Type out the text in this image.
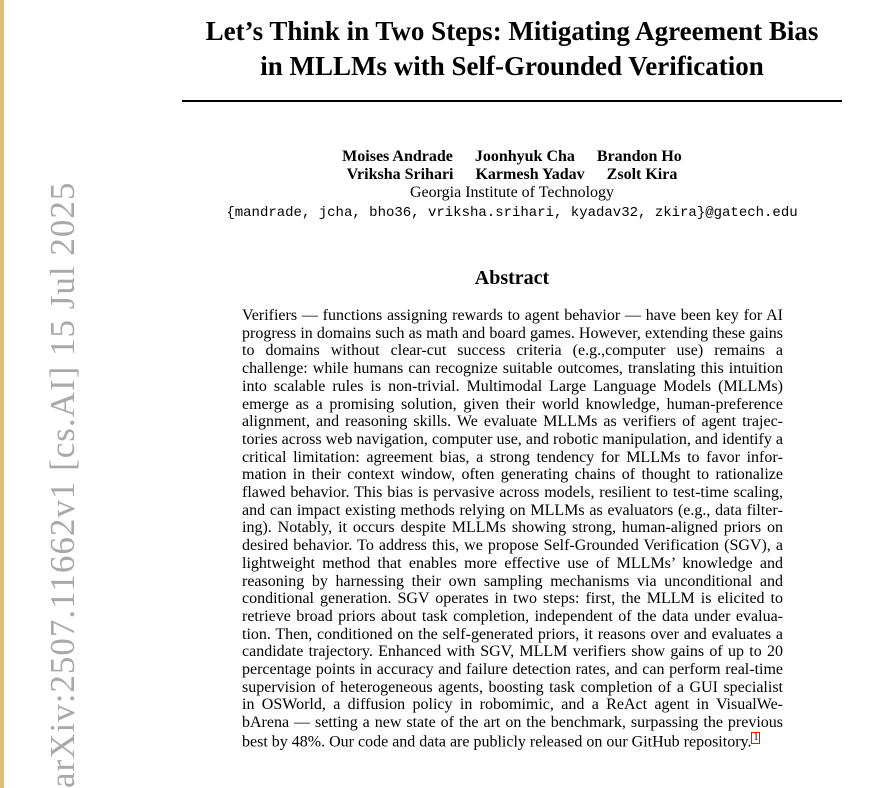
arXiv:2507.11662v1 [cs.AI] 15 Jul 2025
Let’s Think in Two Steps: Mitigating Agreement Bias
in MLLMs with Self-Grounded Verification
Moises Andrade Joonhyuk Cha Brandon Ho
Vriksha Srihari Karmesh Yadav Zsolt Kira
Georgia Institute of Technology
{mandrade, jcha, bho36, vriksha.srihari, kyadav32, zkira}@gatech.edu
Abstract
Verifiers — functions assigning rewards to agent behavior — have been key for AI progress in domains such as math and board games. However, extending these gains to domains without clear-cut success criteria (e.g.,computer use) remains a challenge: while humans can recognize suitable outcomes, translating this intuition into scalable rules is non-trivial. Multimodal Large Language Models (MLLMs) emerge as a promising solution, given their world knowledge, human-preference alignment, and reasoning skills. We evaluate MLLMs as verifiers of agent trajectories across web navigation, computer use, and robotic manipulation, and identify a critical limitation: agreement bias, a strong tendency for MLLMs to favor information in their context window, often generating chains of thought to rationalize flawed behavior. This bias is pervasive across models, resilient to test-time scaling, and can impact existing methods relying on MLLMs as evaluators (e.g., data filtering). Notably, it occurs despite MLLMs showing strong, human-aligned priors on desired behavior. To address this, we propose Self-Grounded Verification (SGV), a lightweight method that enables more effective use of MLLMs’ knowledge and reasoning by harnessing their own sampling mechanisms via unconditional and conditional generation. SGV operates in two steps: first, the MLLM is elicited to retrieve broad priors about task completion, independent of the data under evaluation. Then, conditioned on the self-generated priors, it reasons over and evaluates a candidate trajectory. Enhanced with SGV, MLLM verifiers show gains of up to 20 percentage points in accuracy and failure detection rates, and can perform real-time supervision of heterogeneous agents, boosting task completion of a GUI specialist in OSWorld, a diffusion policy in robomimic, and a ReAct agent in VisualWebArena — setting a new state of the art on the benchmark, surpassing the previous best by 48%. Our code and data are publicly released on our GitHub repository. 1
